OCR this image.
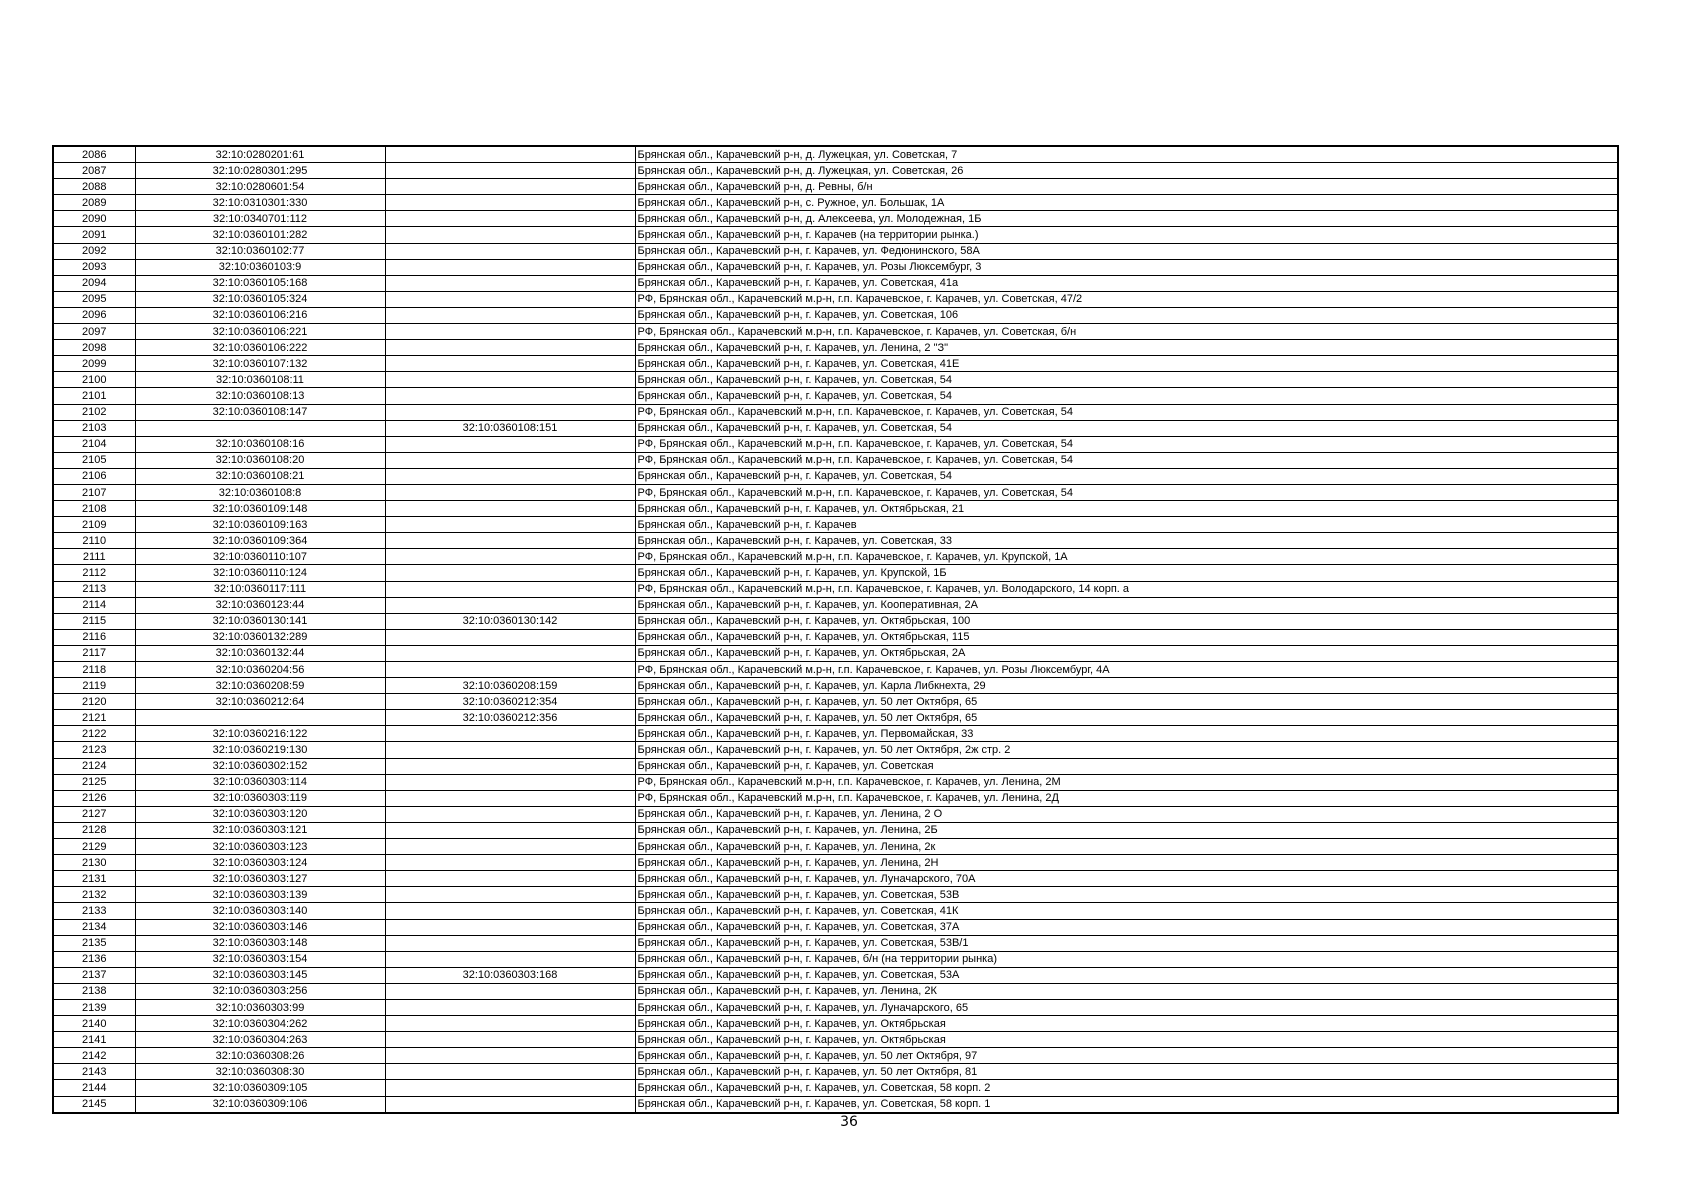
2086	32:10:0280201:61		Брянская обл., Карачевский р-н, д. Лужецкая, ул. Советская, 7
2087	32:10:0280301:295		Брянская обл., Карачевский р-н, д. Лужецкая, ул. Советская, 26
2088	32:10:0280601:54		Брянская обл., Карачевский р-н, д. Ревны, б/н
2089	32:10:0310301:330		Брянская обл., Карачевский р-н, с. Ружное, ул. Большак, 1А
2090	32:10:0340701:112		Брянская обл., Карачевский р-н, д. Алексеева, ул. Молодежная, 1Б
2091	32:10:0360101:282		Брянская обл., Карачевский р-н, г. Карачев (на территории рынка.)
2092	32:10:0360102:77		Брянская обл., Карачевский р-н, г. Карачев, ул. Федюнинского, 58А
2093	32:10:0360103:9		Брянская обл., Карачевский р-н, г. Карачев, ул. Розы Люксембург, 3
2094	32:10:0360105:168		Брянская обл., Карачевский р-н, г. Карачев, ул. Советская, 41а
2095	32:10:0360105:324		РФ, Брянская обл., Карачевский м.р-н, г.п. Карачевское, г. Карачев, ул. Советская, 47/2
2096	32:10:0360106:216		Брянская обл., Карачевский р-н, г. Карачев, ул. Советская, 106
2097	32:10:0360106:221		РФ, Брянская обл., Карачевский м.р-н, г.п. Карачевское, г. Карачев, ул. Советская, б/н
2098	32:10:0360106:222		Брянская обл., Карачевский р-н, г. Карачев, ул. Ленина, 2 "З"
2099	32:10:0360107:132		Брянская обл., Карачевский р-н, г. Карачев, ул. Советская, 41Е
2100	32:10:0360108:11		Брянская обл., Карачевский р-н, г. Карачев, ул. Советская, 54
2101	32:10:0360108:13		Брянская обл., Карачевский р-н, г. Карачев, ул. Советская, 54
2102	32:10:0360108:147		РФ, Брянская обл., Карачевский м.р-н, г.п. Карачевское, г. Карачев, ул. Советская, 54
2103		32:10:0360108:151	Брянская обл., Карачевский р-н, г. Карачев, ул. Советская, 54
2104	32:10:0360108:16		РФ, Брянская обл., Карачевский м.р-н, г.п. Карачевское, г. Карачев, ул. Советская, 54
2105	32:10:0360108:20		РФ, Брянская обл., Карачевский м.р-н, г.п. Карачевское, г. Карачев, ул. Советская, 54
2106	32:10:0360108:21		Брянская обл., Карачевский р-н, г. Карачев, ул. Советская, 54
2107	32:10:0360108:8		РФ, Брянская обл., Карачевский м.р-н, г.п. Карачевское, г. Карачев, ул. Советская, 54
2108	32:10:0360109:148		Брянская обл., Карачевский р-н, г. Карачев, ул. Октябрьская, 21
2109	32:10:0360109:163		Брянская обл., Карачевский р-н, г. Карачев
2110	32:10:0360109:364		Брянская обл., Карачевский р-н, г. Карачев, ул. Советская, 33
2111	32:10:0360110:107		РФ, Брянская обл., Карачевский м.р-н, г.п. Карачевское, г. Карачев, ул. Крупской, 1А
2112	32:10:0360110:124		Брянская обл., Карачевский р-н, г. Карачев, ул. Крупской, 1Б
2113	32:10:0360117:111		РФ, Брянская обл., Карачевский м.р-н, г.п. Карачевское, г. Карачев, ул. Володарского, 14 корп. а
2114	32:10:0360123:44		Брянская обл., Карачевский р-н, г. Карачев, ул. Кооперативная, 2А
2115	32:10:0360130:141	32:10:0360130:142	Брянская обл., Карачевский р-н, г. Карачев, ул. Октябрьская, 100
2116	32:10:0360132:289		Брянская обл., Карачевский р-н, г. Карачев, ул. Октябрьская, 115
2117	32:10:0360132:44		Брянская обл., Карачевский р-н, г. Карачев, ул. Октябрьская, 2А
2118	32:10:0360204:56		РФ, Брянская обл., Карачевский м.р-н, г.п. Карачевское, г. Карачев, ул. Розы Люксембург, 4А
2119	32:10:0360208:59	32:10:0360208:159	Брянская обл., Карачевский р-н, г. Карачев, ул. Карла Либкнехта, 29
2120	32:10:0360212:64	32:10:0360212:354	Брянская обл., Карачевский р-н, г. Карачев, ул. 50 лет Октября, 65
2121		32:10:0360212:356	Брянская обл., Карачевский р-н, г. Карачев, ул. 50 лет Октября, 65
2122	32:10:0360216:122		Брянская обл., Карачевский р-н, г. Карачев, ул. Первомайская, 33
2123	32:10:0360219:130		Брянская обл., Карачевский р-н, г. Карачев, ул. 50 лет Октября, 2ж стр. 2
2124	32:10:0360302:152		Брянская обл., Карачевский р-н, г. Карачев, ул. Советская
2125	32:10:0360303:114		РФ, Брянская обл., Карачевский м.р-н, г.п. Карачевское, г. Карачев, ул. Ленина, 2М
2126	32:10:0360303:119		РФ, Брянская обл., Карачевский м.р-н, г.п. Карачевское, г. Карачев, ул. Ленина, 2Д
2127	32:10:0360303:120		Брянская обл., Карачевский р-н, г. Карачев, ул. Ленина, 2 О
2128	32:10:0360303:121		Брянская обл., Карачевский р-н, г. Карачев, ул. Ленина, 2Б
2129	32:10:0360303:123		Брянская обл., Карачевский р-н, г. Карачев, ул. Ленина, 2к
2130	32:10:0360303:124		Брянская обл., Карачевский р-н, г. Карачев, ул. Ленина, 2Н
2131	32:10:0360303:127		Брянская обл., Карачевский р-н, г. Карачев, ул. Луначарского, 70А
2132	32:10:0360303:139		Брянская обл., Карачевский р-н, г. Карачев, ул. Советская, 53В
2133	32:10:0360303:140		Брянская обл., Карачевский р-н, г. Карачев, ул. Советская, 41К
2134	32:10:0360303:146		Брянская обл., Карачевский р-н, г. Карачев, ул. Советская, 37А
2135	32:10:0360303:148		Брянская обл., Карачевский р-н, г. Карачев, ул. Советская, 53В/1
2136	32:10:0360303:154		Брянская обл., Карачевский р-н, г. Карачев, б/н (на территории рынка)
2137	32:10:0360303:145	32:10:0360303:168	Брянская обл., Карачевский р-н, г. Карачев, ул. Советская, 53А
2138	32:10:0360303:256		Брянская обл., Карачевский р-н, г. Карачев, ул. Ленина, 2К
2139	32:10:0360303:99		Брянская обл., Карачевский р-н, г. Карачев, ул. Луначарского, 65
2140	32:10:0360304:262		Брянская обл., Карачевский р-н, г. Карачев, ул. Октябрьская
2141	32:10:0360304:263		Брянская обл., Карачевский р-н, г. Карачев, ул. Октябрьская
2142	32:10:0360308:26		Брянская обл., Карачевский р-н, г. Карачев, ул. 50 лет Октября, 97
2143	32:10:0360308:30		Брянская обл., Карачевский р-н, г. Карачев, ул. 50 лет Октября, 81
2144	32:10:0360309:105		Брянская обл., Карачевский р-н, г. Карачев, ул. Советская, 58 корп. 2
2145	32:10:0360309:106		Брянская обл., Карачевский р-н, г. Карачев, ул. Советская, 58 корп. 1
36
